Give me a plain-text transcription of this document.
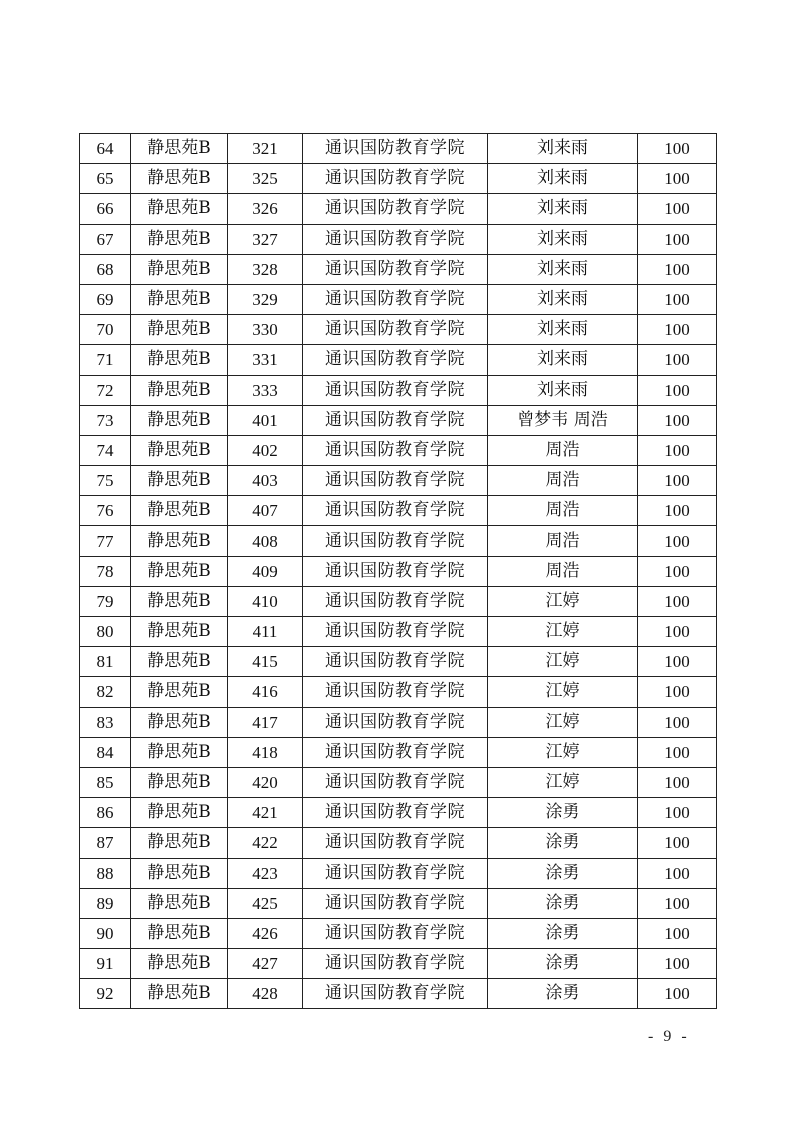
64	静思苑B	321	通识国防教育学院	刘来雨	100
65	静思苑B	325	通识国防教育学院	刘来雨	100
66	静思苑B	326	通识国防教育学院	刘来雨	100
67	静思苑B	327	通识国防教育学院	刘来雨	100
68	静思苑B	328	通识国防教育学院	刘来雨	100
69	静思苑B	329	通识国防教育学院	刘来雨	100
70	静思苑B	330	通识国防教育学院	刘来雨	100
71	静思苑B	331	通识国防教育学院	刘来雨	100
72	静思苑B	333	通识国防教育学院	刘来雨	100
73	静思苑B	401	通识国防教育学院	曾梦韦 周浩	100
74	静思苑B	402	通识国防教育学院	周浩	100
75	静思苑B	403	通识国防教育学院	周浩	100
76	静思苑B	407	通识国防教育学院	周浩	100
77	静思苑B	408	通识国防教育学院	周浩	100
78	静思苑B	409	通识国防教育学院	周浩	100
79	静思苑B	410	通识国防教育学院	江婷	100
80	静思苑B	411	通识国防教育学院	江婷	100
81	静思苑B	415	通识国防教育学院	江婷	100
82	静思苑B	416	通识国防教育学院	江婷	100
83	静思苑B	417	通识国防教育学院	江婷	100
84	静思苑B	418	通识国防教育学院	江婷	100
85	静思苑B	420	通识国防教育学院	江婷	100
86	静思苑B	421	通识国防教育学院	涂勇	100
87	静思苑B	422	通识国防教育学院	涂勇	100
88	静思苑B	423	通识国防教育学院	涂勇	100
89	静思苑B	425	通识国防教育学院	涂勇	100
90	静思苑B	426	通识国防教育学院	涂勇	100
91	静思苑B	427	通识国防教育学院	涂勇	100
92	静思苑B	428	通识国防教育学院	涂勇	100
- 9 -
